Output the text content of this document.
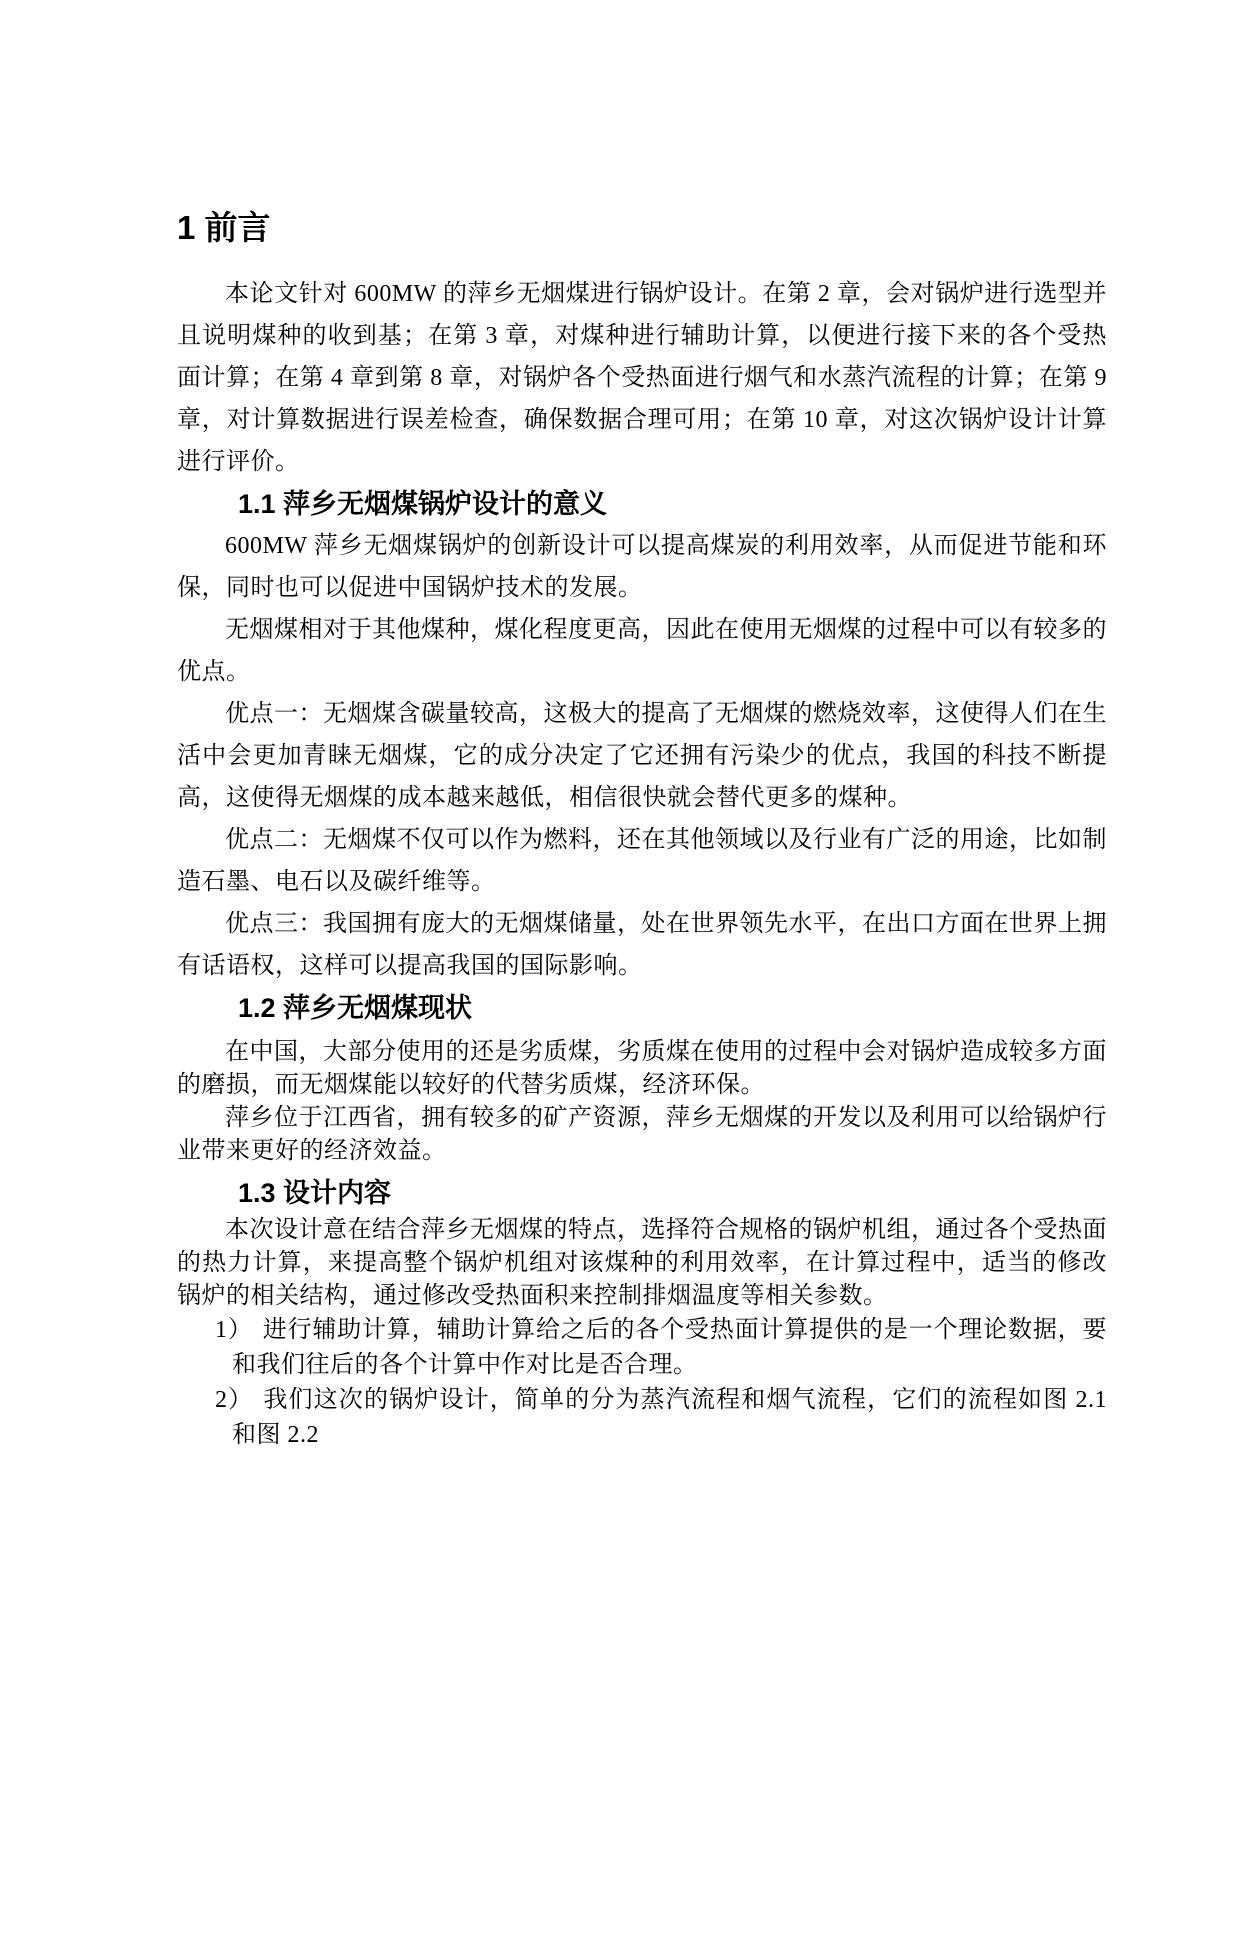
1 前言

本论文针对 600MW 的萍乡无烟煤进行锅炉设计。在第 2 章，会对锅炉进行选型并且说明煤种的收到基；在第 3 章，对煤种进行辅助计算，以便进行接下来的各个受热面计算；在第 4 章到第 8 章，对锅炉各个受热面进行烟气和水蒸汽流程的计算；在第 9 章，对计算数据进行误差检查，确保数据合理可用；在第 10 章，对这次锅炉设计计算进行评价。

1.1 萍乡无烟煤锅炉设计的意义

600MW 萍乡无烟煤锅炉的创新设计可以提高煤炭的利用效率，从而促进节能和环保，同时也可以促进中国锅炉技术的发展。

无烟煤相对于其他煤种，煤化程度更高，因此在使用无烟煤的过程中可以有较多的优点。

优点一：无烟煤含碳量较高，这极大的提高了无烟煤的燃烧效率，这使得人们在生活中会更加青睐无烟煤，它的成分决定了它还拥有污染少的优点，我国的科技不断提高，这使得无烟煤的成本越来越低，相信很快就会替代更多的煤种。

优点二：无烟煤不仅可以作为燃料，还在其他领域以及行业有广泛的用途，比如制造石墨、电石以及碳纤维等。

优点三：我国拥有庞大的无烟煤储量，处在世界领先水平，在出口方面在世界上拥有话语权，这样可以提高我国的国际影响。

1.2 萍乡无烟煤现状

在中国，大部分使用的还是劣质煤，劣质煤在使用的过程中会对锅炉造成较多方面的磨损，而无烟煤能以较好的代替劣质煤，经济环保。

萍乡位于江西省，拥有较多的矿产资源，萍乡无烟煤的开发以及利用可以给锅炉行业带来更好的经济效益。

1.3 设计内容

本次设计意在结合萍乡无烟煤的特点，选择符合规格的锅炉机组，通过各个受热面的热力计算，来提高整个锅炉机组对该煤种的利用效率，在计算过程中，适当的修改锅炉的相关结构，通过修改受热面积来控制排烟温度等相关参数。

1） 进行辅助计算，辅助计算给之后的各个受热面计算提供的是一个理论数据，要和我们往后的各个计算中作对比是否合理。
2） 我们这次的锅炉设计，简单的分为蒸汽流程和烟气流程，它们的流程如图 2.1 和图 2.2
